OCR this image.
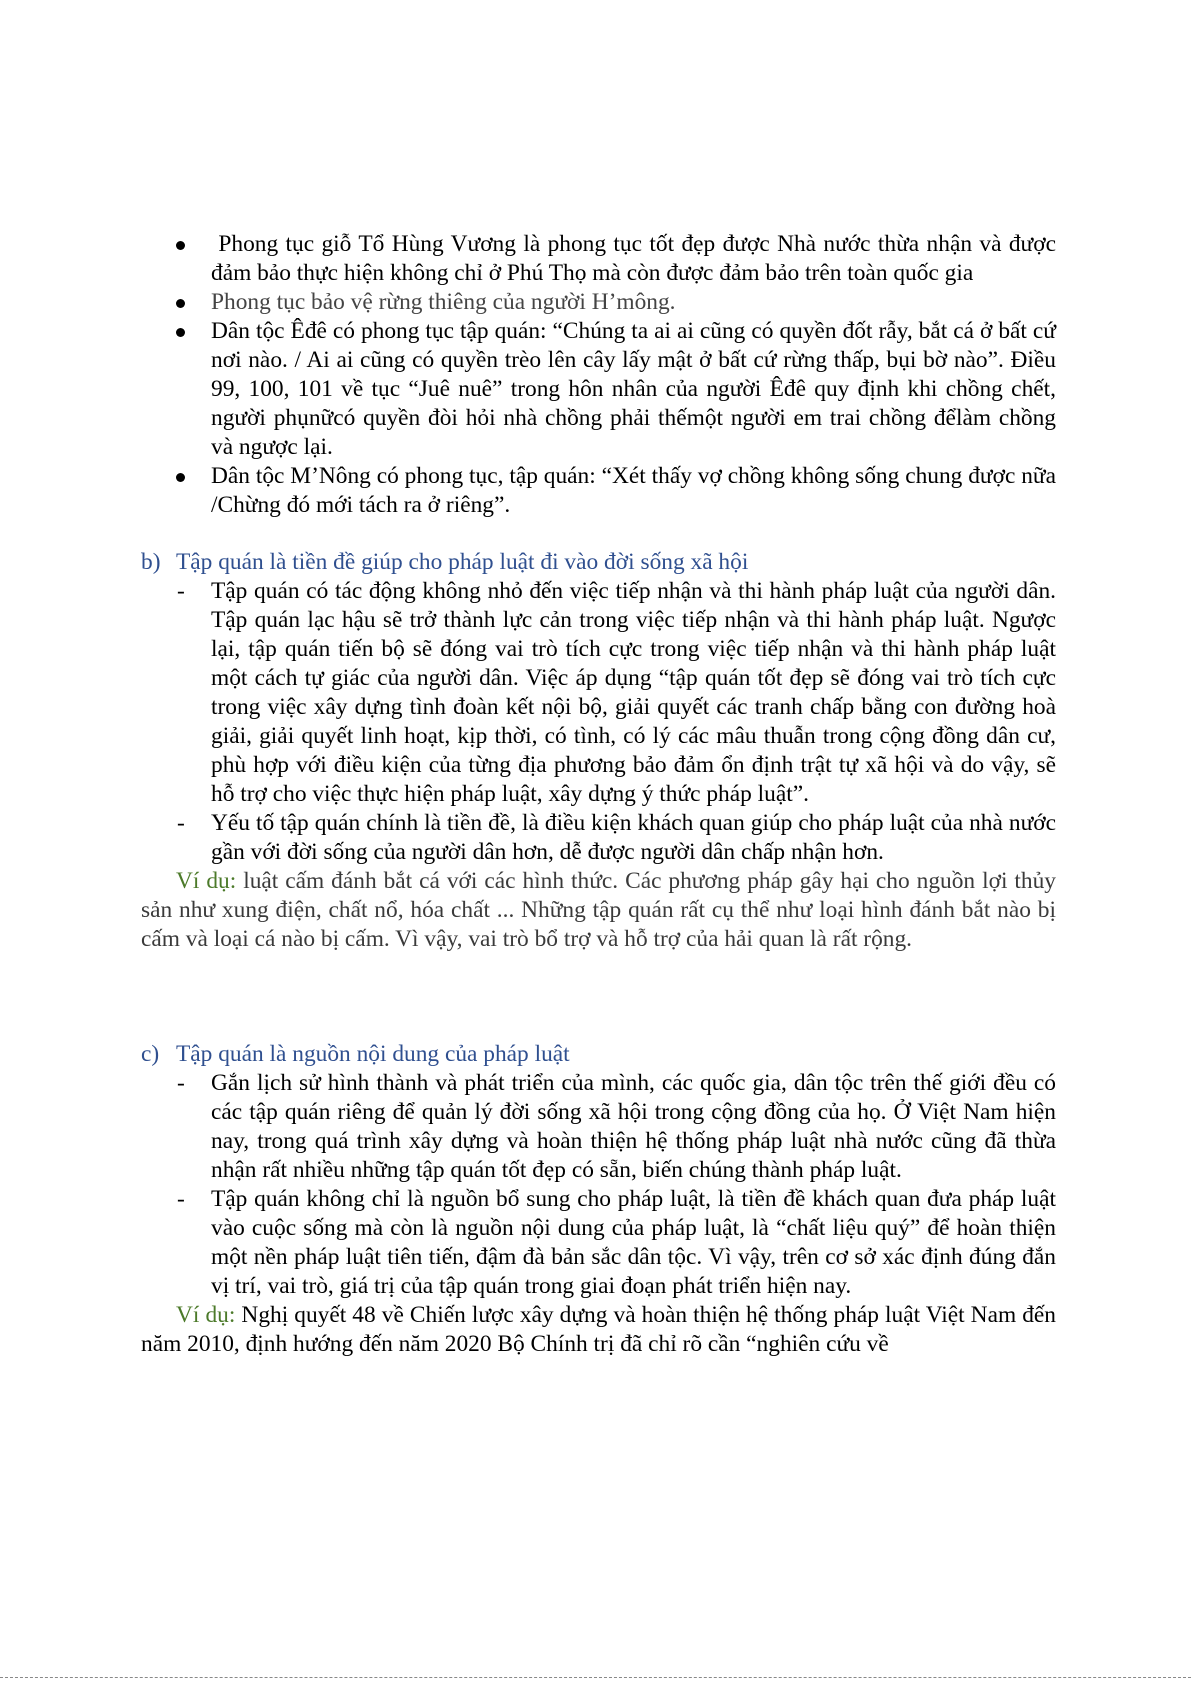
Phong tục giỗ Tổ Hùng Vương là phong tục tốt đẹp được Nhà nước thừa nhận và được đảm bảo thực hiện không chỉ ở Phú Thọ mà còn được đảm bảo trên toàn quốc gia
Phong tục bảo vệ rừng thiêng của người H’mông.
Dân tộc Êđê có phong tục tập quán: “Chúng ta ai ai cũng có quyền đốt rẫy, bắt cá ở bất cứ nơi nào. / Ai ai cũng có quyền trèo lên cây lấy mật ở bất cứ rừng thấp, bụi bờ nào”. Điều 99, 100, 101 về tục “Juê nuê” trong hôn nhân của người Êđê quy định khi chồng chết, người phụnữcó quyền đòi hỏi nhà chồng phải thếmột người em trai chồng đểlàm chồng và ngược lại.
Dân tộc M’Nông có phong tục, tập quán: “Xét thấy vợ chồng không sống chung được nữa /Chừng đó mới tách ra ở riêng”.
b) Tập quán là tiền đề giúp cho pháp luật đi vào đời sống xã hội
- Tập quán có tác động không nhỏ đến việc tiếp nhận và thi hành pháp luật của người dân. Tập quán lạc hậu sẽ trở thành lực cản trong việc tiếp nhận và thi hành pháp luật. Ngược lại, tập quán tiến bộ sẽ đóng vai trò tích cực trong việc tiếp nhận và thi hành pháp luật một cách tự giác của người dân. Việc áp dụng “tập quán tốt đẹp sẽ đóng vai trò tích cực trong việc xây dựng tình đoàn kết nội bộ, giải quyết các tranh chấp bằng con đường hoà giải, giải quyết linh hoạt, kịp thời, có tình, có lý các mâu thuẫn trong cộng đồng dân cư, phù hợp với điều kiện của từng địa phương bảo đảm ổn định trật tự xã hội và do vậy, sẽ hỗ trợ cho việc thực hiện pháp luật, xây dựng ý thức pháp luật”.
- Yếu tố tập quán chính là tiền đề, là điều kiện khách quan giúp cho pháp luật của nhà nước gần với đời sống của người dân hơn, dễ được người dân chấp nhận hơn.
Ví dụ: luật cấm đánh bắt cá với các hình thức. Các phương pháp gây hại cho nguồn lợi thủy sản như xung điện, chất nổ, hóa chất ... Những tập quán rất cụ thể như loại hình đánh bắt nào bị cấm và loại cá nào bị cấm. Vì vậy, vai trò bổ trợ và hỗ trợ của hải quan là rất rộng.
c) Tập quán là nguồn nội dung của pháp luật
- Gắn lịch sử hình thành và phát triển của mình, các quốc gia, dân tộc trên thế giới đều có các tập quán riêng để quản lý đời sống xã hội trong cộng đồng của họ. Ở Việt Nam hiện nay, trong quá trình xây dựng và hoàn thiện hệ thống pháp luật nhà nước cũng đã thừa nhận rất nhiều những tập quán tốt đẹp có sẵn, biến chúng thành pháp luật.
- Tập quán không chỉ là nguồn bổ sung cho pháp luật, là tiền đề khách quan đưa pháp luật vào cuộc sống mà còn là nguồn nội dung của pháp luật, là “chất liệu quý” để hoàn thiện một nền pháp luật tiên tiến, đậm đà bản sắc dân tộc. Vì vậy, trên cơ sở xác định đúng đắn vị trí, vai trò, giá trị của tập quán trong giai đoạn phát triển hiện nay.
Ví dụ: Nghị quyết 48 về Chiến lược xây dựng và hoàn thiện hệ thống pháp luật Việt Nam đến năm 2010, định hướng đến năm 2020 Bộ Chính trị đã chỉ rõ cần “nghiên cứu về
